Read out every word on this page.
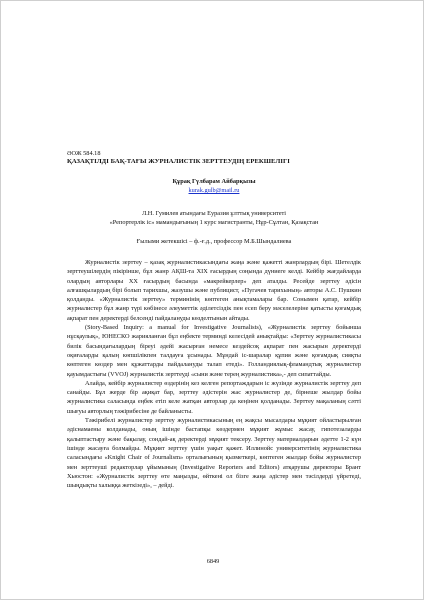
ӘОЖ 584.18
ҚАЗАҚТІЛДІ БАҚ-ТАҒЫ ЖУРНАЛИСТІК ЗЕРТТЕУДІҢ ЕРЕКШЕЛІГІ
Құрақ Гүлбарам Айбарқызы
kurak.gulb@mail.ru
Л.Н. Гумилев атындағы Еуразия ұлттық университеті
«Репортерлік іс» мамандығының 1 курс магистранты, Нұр-Сұлтан, Қазақстан
Ғылыми жетекшісі – ф.-ғ.д., профессор М.Б.Шындалиева

Журналистік зерттеу – қазақ журналистикасындағы жаңа және қажетті жанрлардың бірі. Шетелдік зерттеушілердің пікірінше, бұл жанр АҚШ-та XIX ғасырдың соңында дүниеге келді. Кейбір жағдайларда олардың авторлары XX ғасырдың басында «макрейкерлер» деп аталды. Ресейде зерттеу әдісін алғашқылардың бірі болып тарихшы, жазушы және публицист, «Пугачев тарихының» авторы А.С. Пушкин қолданды. «Журналистік зерттеу» терминінің көптеген анықтамалары бар. Сонымен қатар, кейбір журналистер бұл жанр түрі көбінесе әлеуметтік әділетсіздік пен есеп беру мәселелеріне қатысты қоғамдық ақпарат пен деректерді белсенді пайдалануды көзделтынын айтады.

(Story-Based Inquiry: a manual for Investigative Journalists), «Журналистік зерттеу бойынша нұсқаулық», ЮНЕСКО жарияланған бұл еңбекте терминді келесідей анықтайды: «Зерттеу журналистикасы билік басындағылардың біреуі әдейі жасырған немесе кездейсоқ ақпарат пен жасырын деректерді оқиғаларды қалың көпшілікпен талдауға ұсынады. Мұндай іс-шаралар құпия және қоғамдық сияқты көптеген көздер мен құжаттарды пайдалануды талап етеді». Голландиялық-фламандтық журналистер қауымдастығы (VVOJ) журналистік зерттеудi «сыни және терең журналистика»,- деп сипаттайды.

Алайда, кейбір журналистер өздерінің кез келген репортаждарын іс жүзінде журналистік зерттеу деп санайды. Бұл жерде бір ақиқат бар, зерттеу әдістерін жас журналистер де, бірнеше жылдар бойы журналистика саласында еңбек етіп келе жатқан авторлар да кеңінен қолданады. Зерттеу мақаланың сәтті шығуы авторлың тәжірибесіне де байланысты.

Тәжірибелі журналистер зерттеу журналистикасының ең жақсы мысалдары мұқият ойластырылған әдіснамаены колданады, оның ішінде бастапқы көздермен мұқият жұмыс жасау, гипотезаларды қалыптастыру және бақылау, сондай-ақ деректерді мұқият тексеру. Зерттеу материалдарын әдетте 1-2 күн ішінде жасауға болмайды. Мұқият зерттеу үшін уақыт қажет. Иллинойс университетінің журналистика саласындағы «Knight Chair of Journalism» орталығының қызметкері, көптеген жылдар бойы журналистер мен зерттеуші редакторлар ұйымының (Investigative Reporters and Editors) атқарушы директоры Брант Хьюстон: «Журналистік зерттеу өте маңызды, өйткені ол бізге жаңа әдістер мен тәсілдерді үйретеді, шыңдықты халыққа жеткізеді», – дейді.

6849
